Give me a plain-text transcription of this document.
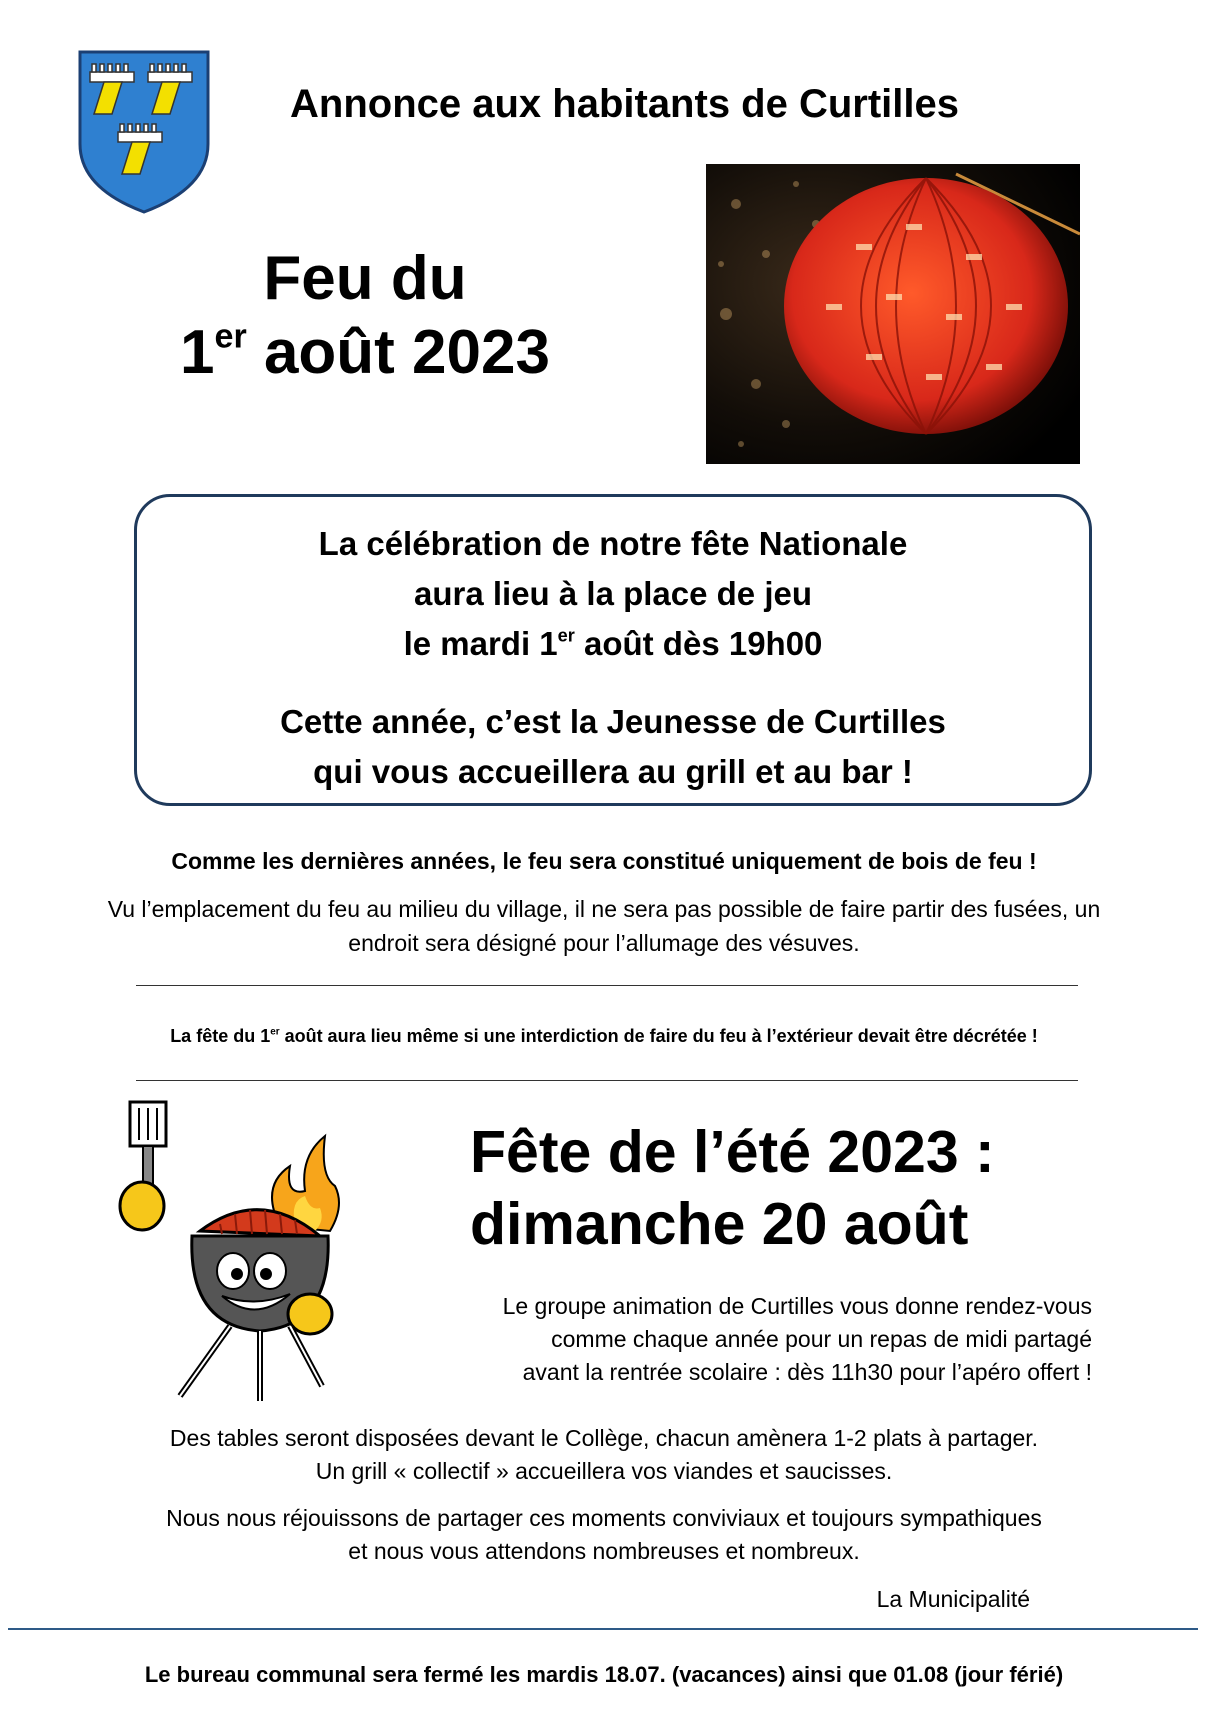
Annonce aux habitants de Curtilles
Feu du
1er août 2023
La célébration de notre fête Nationale
aura lieu à la place de jeu
le mardi 1er août dès 19h00
Cette année, c’est la Jeunesse de Curtilles
qui vous accueillera au grill et au bar !
Comme les dernières années, le feu sera constitué uniquement de bois de feu !
Vu l’emplacement du feu au milieu du village, il ne sera pas possible de faire partir des fusées, un endroit sera désigné pour l’allumage des vésuves.
La fête du 1er août aura lieu même si une interdiction de faire du feu à l’extérieur devait être décrétée !
Fête de l’été 2023 :
dimanche 20 août
Le groupe animation de Curtilles vous donne rendez-vous
comme chaque année pour un repas de midi partagé
avant la rentrée scolaire : dès 11h30 pour l’apéro offert !
Des tables seront disposées devant le Collège, chacun amènera 1-2 plats à partager.
Un grill « collectif » accueillera vos viandes et saucisses.
Nous nous réjouissons de partager ces moments conviviaux et toujours sympathiques
et nous vous attendons nombreuses et nombreux.
La Municipalité
Le bureau communal sera fermé les mardis 18.07. (vacances) ainsi que 01.08 (jour férié)
